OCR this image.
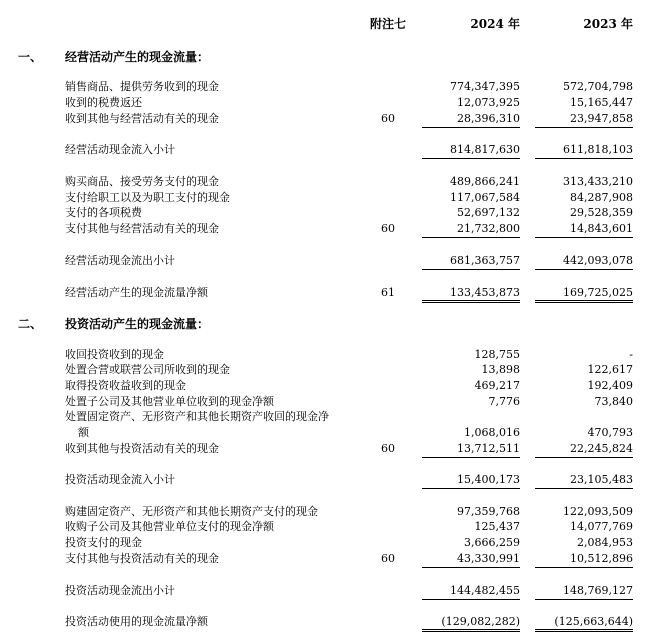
附注七	2024 年	2023 年
一、 经营活动产生的现金流量：
销售商品、提供劳务收到的现金	774,347,395	572,704,798
收到的税费返还	12,073,925	15,165,447
收到其他与经营活动有关的现金	60	28,396,310	23,947,858
经营活动现金流入小计	814,817,630	611,818,103
购买商品、接受劳务支付的现金	489,866,241	313,433,210
支付给职工以及为职工支付的现金	117,067,584	84,287,908
支付的各项税费	52,697,132	29,528,359
支付其他与经营活动有关的现金	60	21,732,800	14,843,601
经营活动现金流出小计	681,363,757	442,093,078
经营活动产生的现金流量净额	61	133,453,873	169,725,025
二、 投资活动产生的现金流量：
收回投资收到的现金	128,755	-
处置合营或联营公司所收到的现金	13,898	122,617
取得投资收益收到的现金	469,217	192,409
处置子公司及其他营业单位收到的现金净额	7,776	73,840
处置固定资产、无形资产和其他长期资产收回的现金净
额	1,068,016	470,793
收到其他与投资活动有关的现金	60	13,712,511	22,245,824
投资活动现金流入小计	15,400,173	23,105,483
购建固定资产、无形资产和其他长期资产支付的现金	97,359,768	122,093,509
收购子公司及其他营业单位支付的现金净额	125,437	14,077,769
投资支付的现金	3,666,259	2,084,953
支付其他与投资活动有关的现金	60	43,330,991	10,512,896
投资活动现金流出小计	144,482,455	148,769,127
投资活动使用的现金流量净额	(129,082,282)	(125,663,644)
